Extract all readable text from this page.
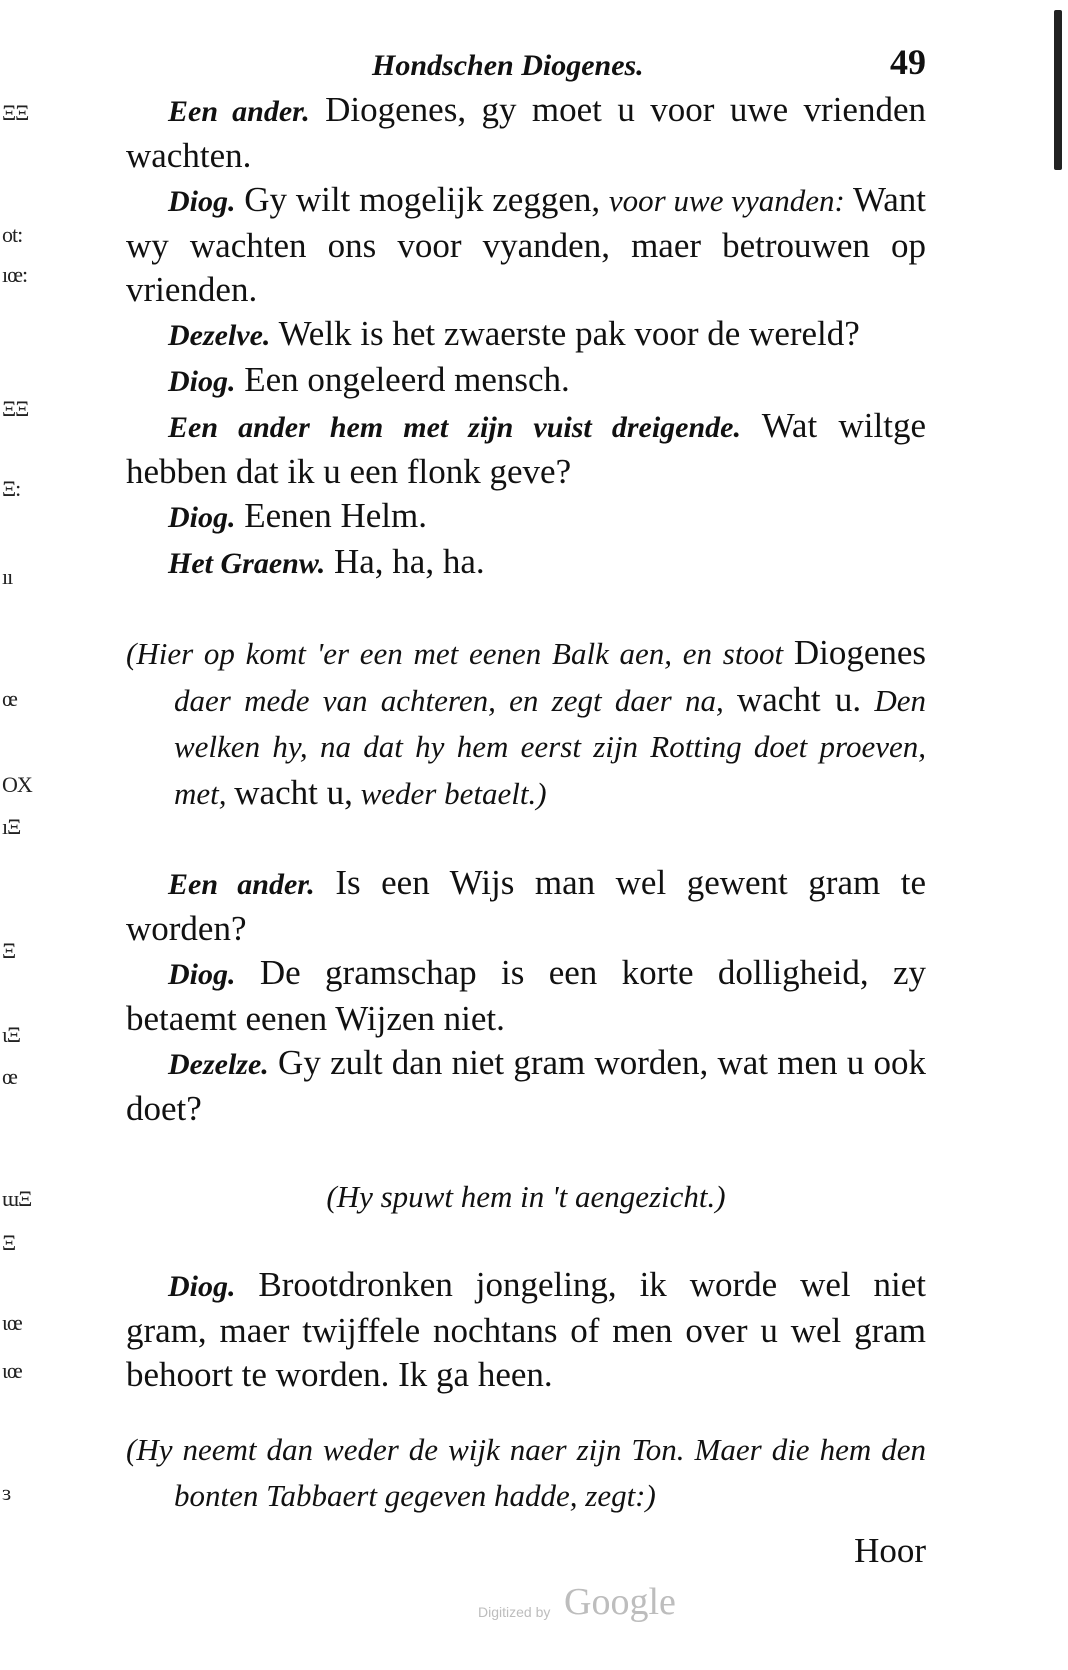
ΞΞ
ot:
ıœ:
ΞΞ
Ξ:
ıı
œ
OX
ıΞ
Ξ
ιΞ
œ
ɯΞ
Ξ
ιœ
ιœ
ɜ
Hondschen Diogenes.	49

Een ander. Diogenes, gy moet u voor uwe vrienden wachten.

Diog. Gy wilt mogelijk zeggen, voor uwe vyanden: Want wy wachten ons voor vyanden, maer betrouwen op vrienden.

Dezelve. Welk is het zwaerste pak voor de wereld?

Diog. Een ongeleerd mensch.

Een ander hem met zijn vuist dreigende. Wat wiltge hebben dat ik u een flonk geve?

Diog. Eenen Helm.

Het Graenw. Ha, ha, ha.

(Hier op komt 'er een met eenen Balk aen, en stoot Diogenes daer mede van achteren, en zegt daer na, wacht u. Den welken hy, na dat hy hem eerst zijn Rotting doet proeven, met, wacht u, weder betaelt.)

Een ander. Is een Wijs man wel gewent gram te worden?

Diog. De gramschap is een korte dolligheid, zy betaemt eenen Wijzen niet.

Dezelze. Gy zult dan niet gram worden, wat men u ook doet?

(Hy spuwt hem in 't aengezicht.)

Diog. Brootdronken jongeling, ik worde wel niet gram, maer twijffele nochtans of men over u wel gram behoort te worden. Ik ga heen.

(Hy neemt dan weder de wijk naer zijn Ton. Maer die hem den bonten Tabbaert gegeven hadde, zegt:)

Hoor

Digitized by Google
